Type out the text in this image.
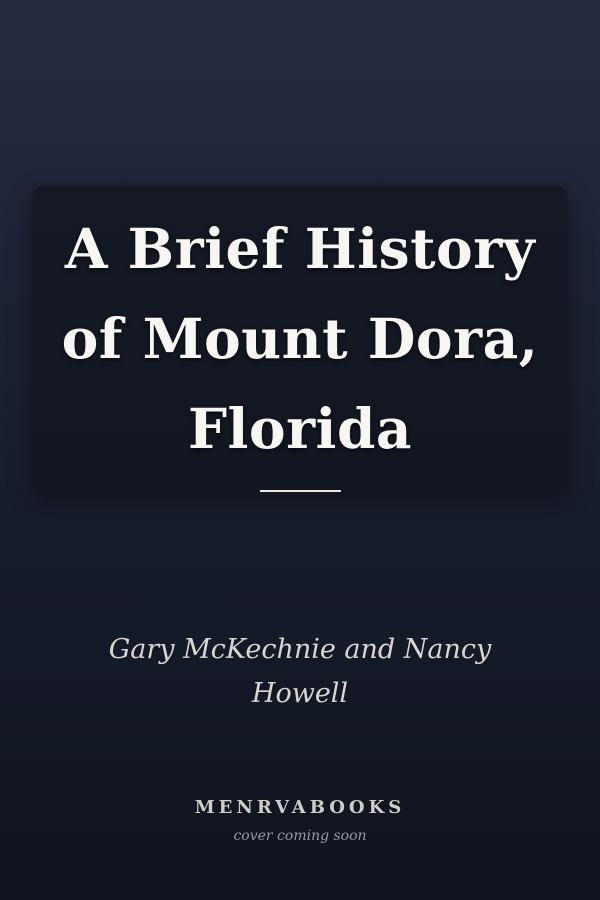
A Brief History of Mount Dora, Florida

Gary McKechnie and Nancy Howell

MENRVABOOKS
cover coming soon
